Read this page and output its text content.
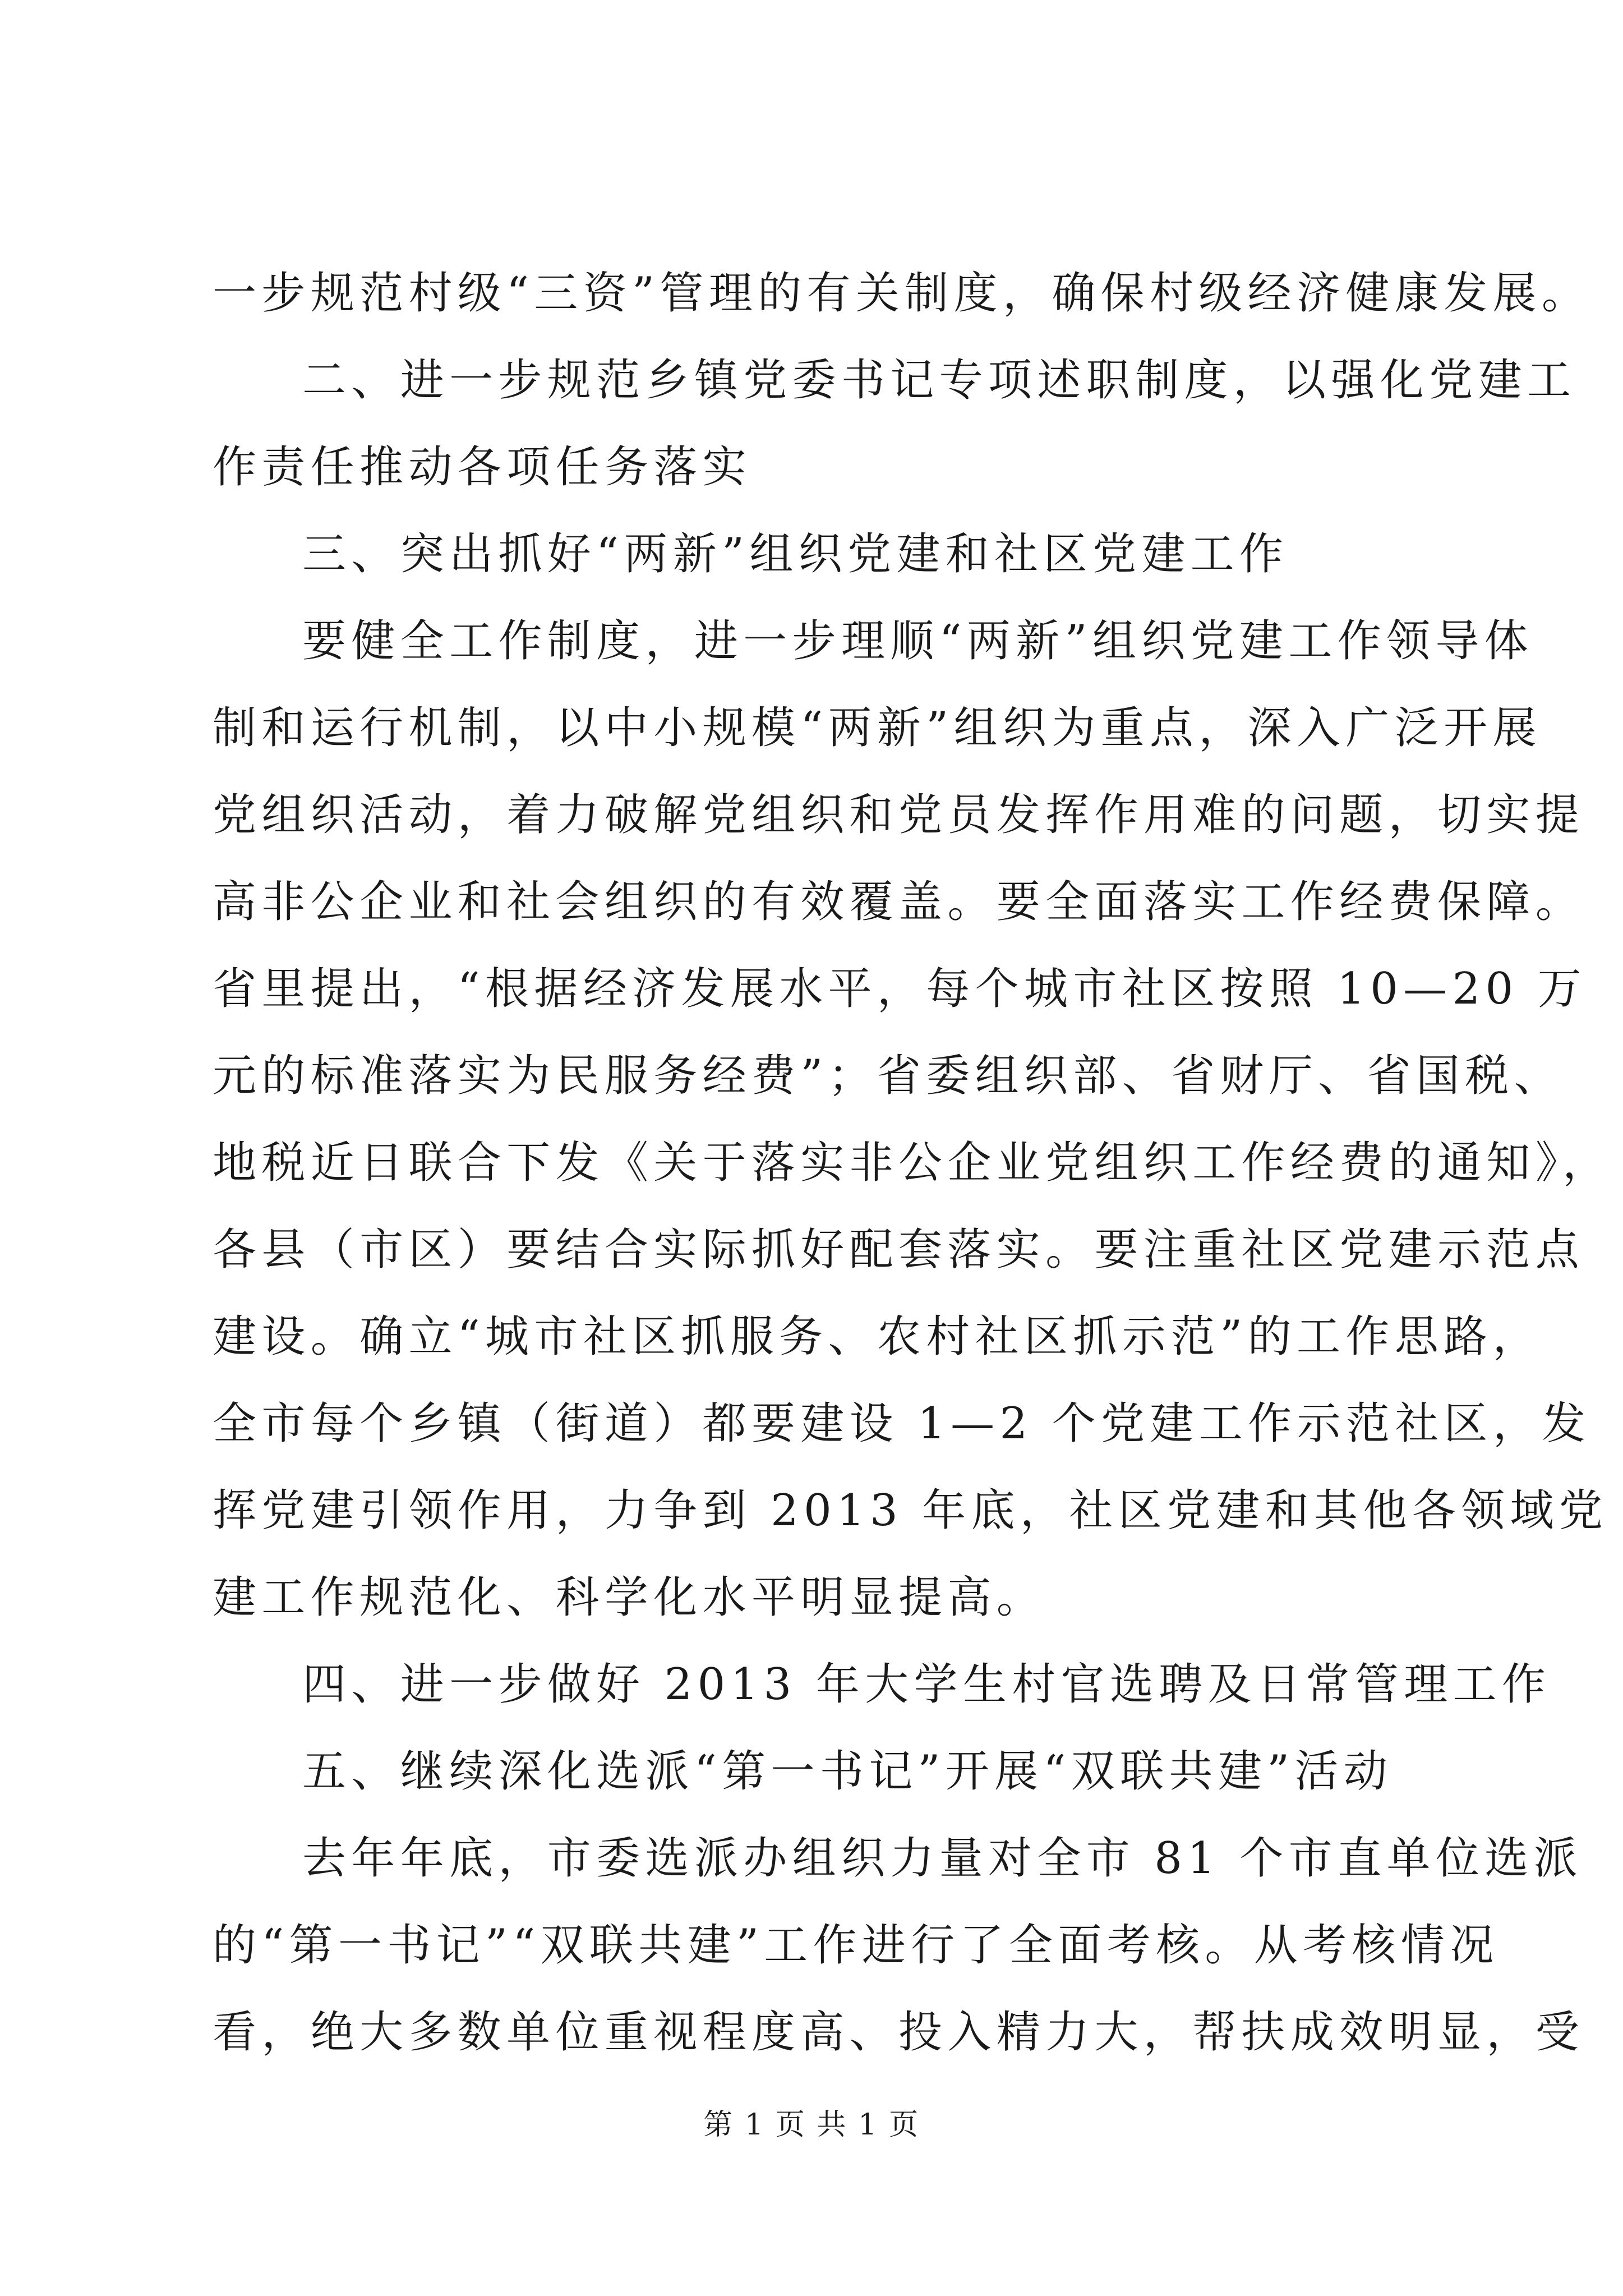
一步规范村级“三资”管理的有关制度，确保村级经济健康发展。
二、进一步规范乡镇党委书记专项述职制度，以强化党建工
作责任推动各项任务落实
三、突出抓好“两新”组织党建和社区党建工作
要健全工作制度，进一步理顺“两新”组织党建工作领导体
制和运行机制，以中小规模“两新”组织为重点，深入广泛开展
党组织活动，着力破解党组织和党员发挥作用难的问题，切实提
高非公企业和社会组织的有效覆盖。要全面落实工作经费保障。
省里提出，“根据经济发展水平，每个城市社区按照 10—20 万
元的标准落实为民服务经费”；省委组织部、省财厅、省国税、
地税近日联合下发《关于落实非公企业党组织工作经费的通知》，
各县（市区）要结合实际抓好配套落实。要注重社区党建示范点
建设。确立“城市社区抓服务、农村社区抓示范”的工作思路，
全市每个乡镇（街道）都要建设 1—2 个党建工作示范社区，发
挥党建引领作用，力争到 2013 年底，社区党建和其他各领域党
建工作规范化、科学化水平明显提高。
四、进一步做好 2013 年大学生村官选聘及日常管理工作
五、继续深化选派“第一书记”开展“双联共建”活动
去年年底，市委选派办组织力量对全市 81 个市直单位选派
的“第一书记”“双联共建”工作进行了全面考核。从考核情况
看，绝大多数单位重视程度高、投入精力大，帮扶成效明显，受
第 1 页 共 1 页
